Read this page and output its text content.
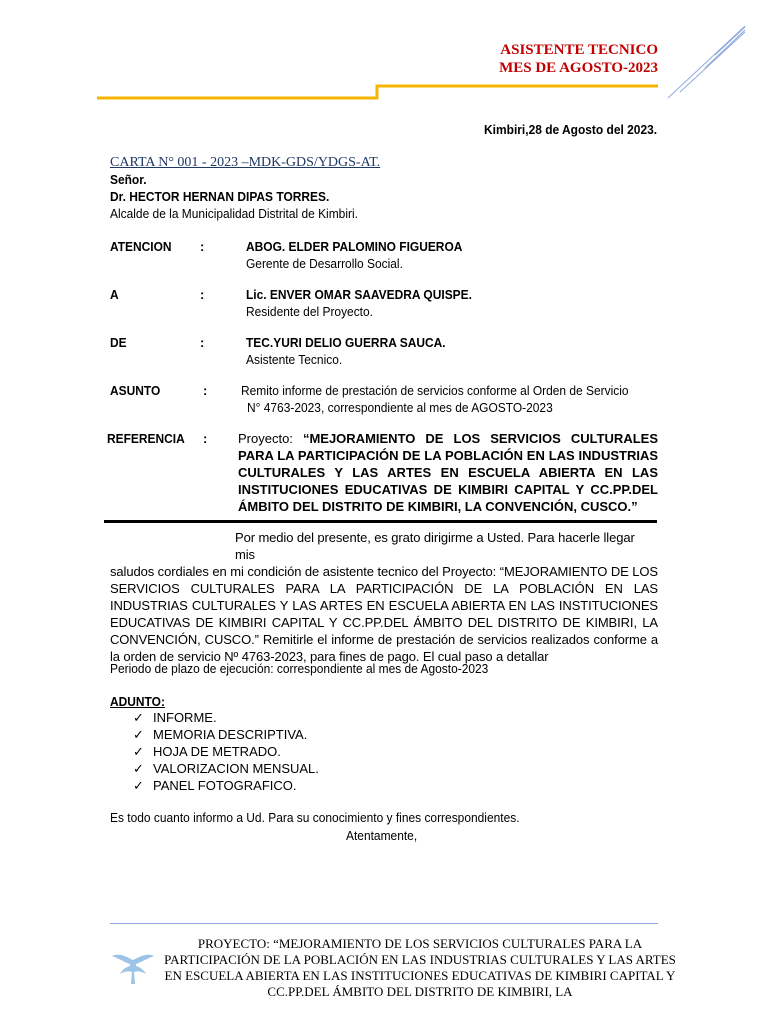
ASISTENTE TECNICO
MES DE AGOSTO-2023
Kimbiri,28 de Agosto del 2023.
CARTA N° 001 - 2023 –MDK-GDS/YDGS-AT.
Señor.
Dr. HECTOR HERNAN DIPAS TORRES.
Alcalde de la Municipalidad Distrital de Kimbiri.
ATENCION :	ABOG. ELDER PALOMINO FIGUEROA
Gerente de Desarrollo Social.
A	:	Lic. ENVER OMAR SAAVEDRA QUISPE.
Residente del Proyecto.
DE	:	TEC.YURI DELIO GUERRA SAUCA.
Asistente Tecnico.
ASUNTO	:	Remito informe de prestación de servicios conforme al Orden de Servicio
N° 4763-2023, correspondiente al mes de AGOSTO-2023
REFERENCIA : Proyecto: “MEJORAMIENTO DE LOS SERVICIOS CULTURALES PARA LA PARTICIPACIÓN DE LA POBLACIÓN EN LAS INDUSTRIAS CULTURALES Y LAS ARTES EN ESCUELA ABIERTA EN LAS INSTITUCIONES EDUCATIVAS DE KIMBIRI CAPITAL Y CC.PP.DEL ÁMBITO DEL DISTRITO DE KIMBIRI, LA CONVENCIÓN, CUSCO.”
Por medio del presente, es grato dirigirme a Usted. Para hacerle llegar mis
saludos cordiales en mi condición de asistente tecnico del Proyecto: “MEJORAMIENTO DE LOS SERVICIOS CULTURALES PARA LA PARTICIPACIÓN DE LA POBLACIÓN EN LAS INDUSTRIAS CULTURALES Y LAS ARTES EN ESCUELA ABIERTA EN LAS INSTITUCIONES EDUCATIVAS DE KIMBIRI CAPITAL Y CC.PP.DEL ÁMBITO DEL DISTRITO DE KIMBIRI, LA CONVENCIÓN, CUSCO.” Remitirle el informe de prestación de servicios realizados conforme a la orden de servicio Nº 4763-2023, para fines de pago. El cual paso a detallar
Periodo de plazo de ejecución: correspondiente al mes de Agosto-2023
ADUNTO:
✓ INFORME.
✓ MEMORIA DESCRIPTIVA.
✓ HOJA DE METRADO.
✓ VALORIZACION MENSUAL.
✓ PANEL FOTOGRAFICO.
Es todo cuanto informo a Ud. Para su conocimiento y fines correspondientes.
Atentamente,
PROYECTO: “MEJORAMIENTO DE LOS SERVICIOS CULTURALES PARA LA PARTICIPACIÓN DE LA POBLACIÓN EN LAS INDUSTRIAS CULTURALES Y LAS ARTES EN ESCUELA ABIERTA EN LAS INSTITUCIONES EDUCATIVAS DE KIMBIRI CAPITAL Y CC.PP.DEL ÁMBITO DEL DISTRITO DE KIMBIRI, LA
